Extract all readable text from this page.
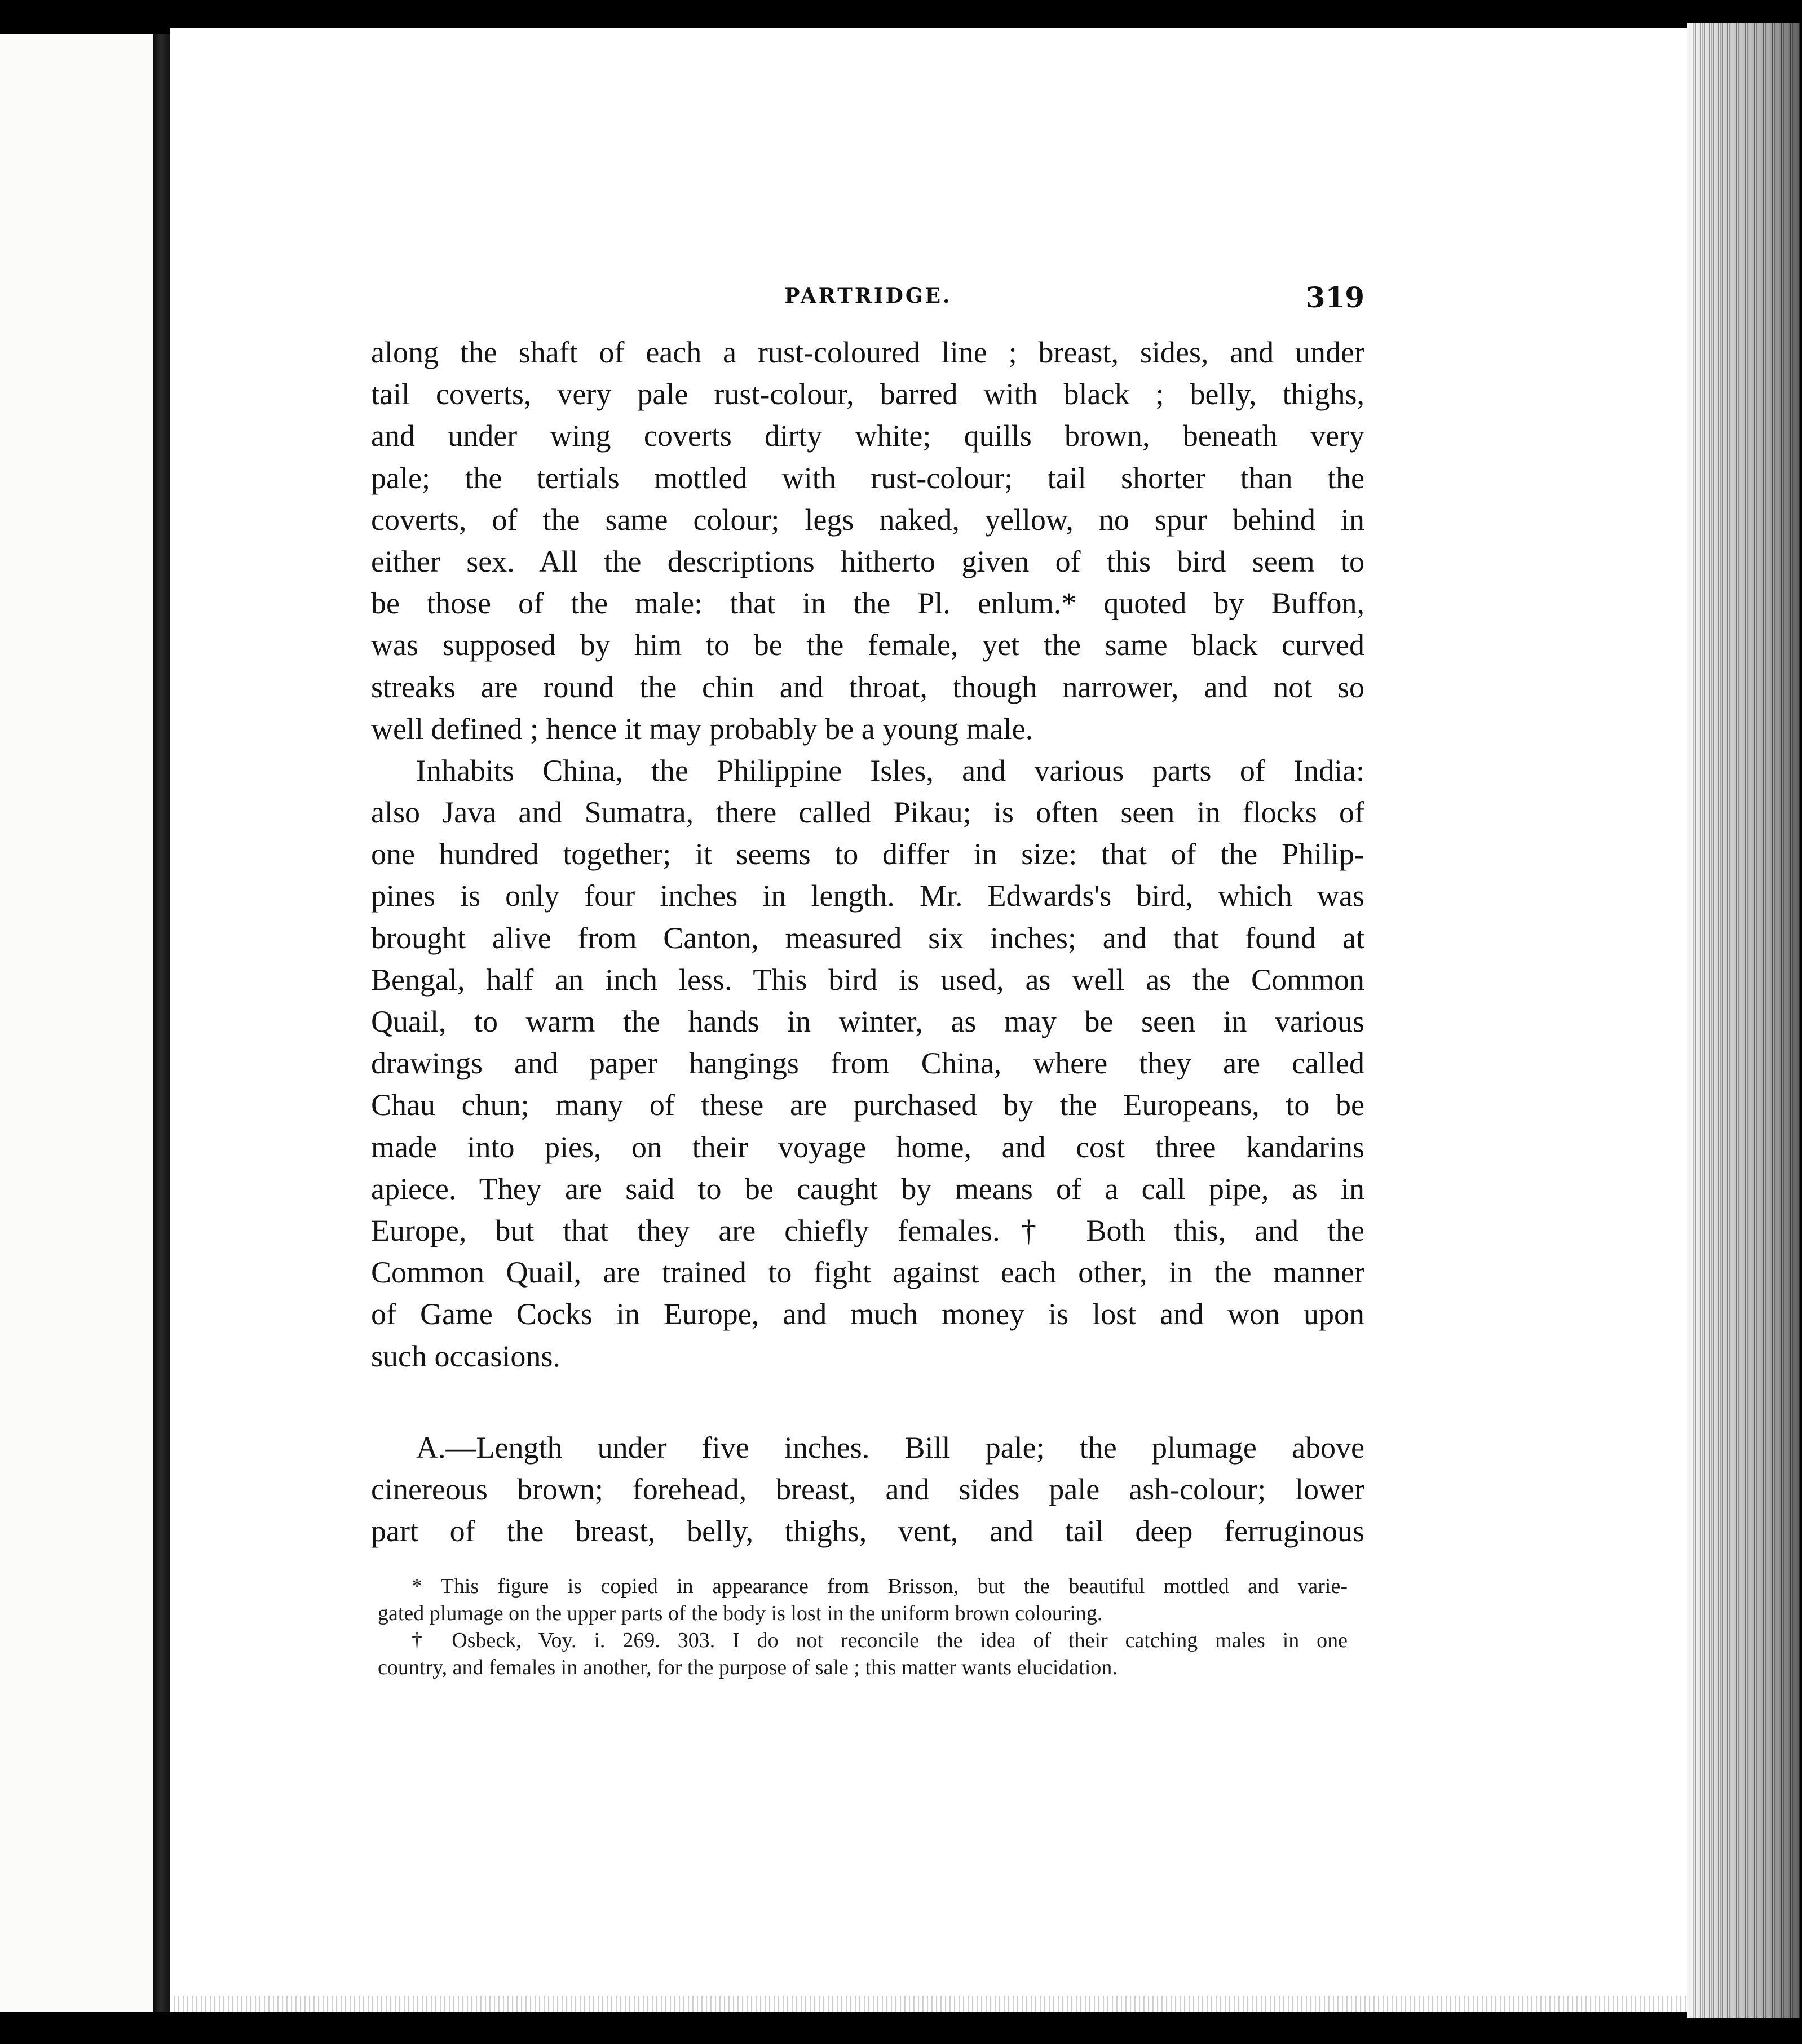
PARTRIDGE.	319

along the shaft of each a rust-coloured line ; breast, sides, and under
tail coverts, very pale rust-colour, barred with black ; belly, thighs,
and under wing coverts dirty white; quills brown, beneath very
pale; the tertials mottled with rust-colour; tail shorter than the
coverts, of the same colour; legs naked, yellow, no spur behind in
either sex. All the descriptions hitherto given of this bird seem to
be those of the male: that in the Pl. enlum.* quoted by Buffon,
was supposed by him to be the female, yet the same black curved
streaks are round the chin and throat, though narrower, and not so
well defined ; hence it may probably be a young male.

Inhabits China, the Philippine Isles, and various parts of India:
also Java and Sumatra, there called Pikau; is often seen in flocks of
one hundred together; it seems to differ in size: that of the Philip-
pines is only four inches in length. Mr. Edwards's bird, which was
brought alive from Canton, measured six inches; and that found at
Bengal, half an inch less. This bird is used, as well as the Common
Quail, to warm the hands in winter, as may be seen in various
drawings and paper hangings from China, where they are called
Chau chun; many of these are purchased by the Europeans, to be
made into pies, on their voyage home, and cost three kandarins
apiece. They are said to be caught by means of a call pipe, as in
Europe, but that they are chiefly females.† Both this, and the
Common Quail, are trained to fight against each other, in the manner
of Game Cocks in Europe, and much money is lost and won upon
such occasions.

A.—Length under five inches. Bill pale; the plumage above
cinereous brown; forehead, breast, and sides pale ash-colour; lower
part of the breast, belly, thighs, vent, and tail deep ferruginous

* This figure is copied in appearance from Brisson, but the beautiful mottled and varie-
gated plumage on the upper parts of the body is lost in the uniform brown colouring.
† Osbeck, Voy. i. 269. 303. I do not reconcile the idea of their catching males in one
country, and females in another, for the purpose of sale ; this matter wants elucidation.
